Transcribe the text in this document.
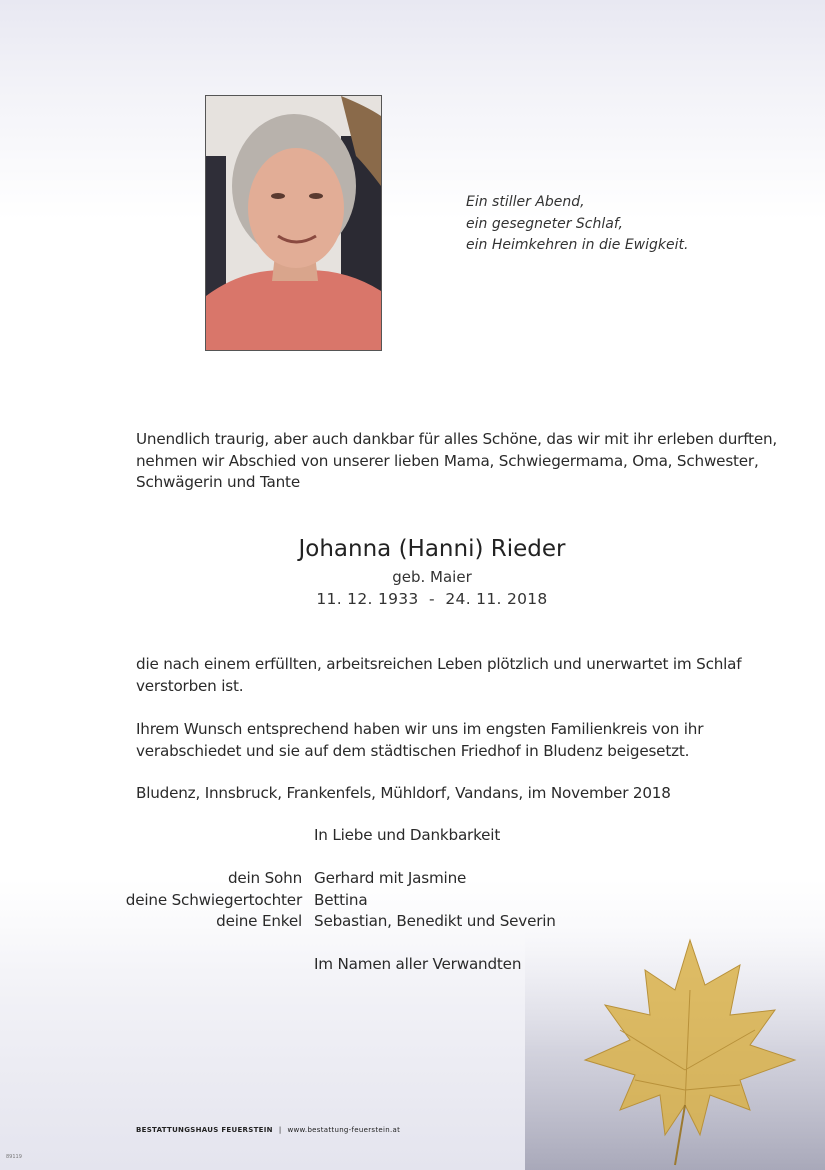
Ein stiller Abend,
ein gesegneter Schlaf,
ein Heimkehren in die Ewigkeit.
Unendlich traurig, aber auch dankbar für alles Schöne, das wir mit ihr erleben durften,
nehmen wir Abschied von unserer lieben Mama, Schwiegermama, Oma, Schwester,
Schwägerin und Tante
Johanna (Hanni) Rieder
geb. Maier
11. 12. 1933  -  24. 11. 2018
die nach einem erfüllten, arbeitsreichen Leben plötzlich und unerwartet im Schlaf
verstorben ist.
Ihrem Wunsch entsprechend haben wir uns im engsten Familienkreis von ihr
verabschiedet und sie auf dem städtischen Friedhof in Bludenz beigesetzt.
Bludenz, Innsbruck, Frankenfels, Mühldorf, Vandans, im November 2018
In Liebe und Dankbarkeit
dein Sohn Gerhard mit Jasmine
deine Schwiegertochter Bettina
deine Enkel Sebastian, Benedikt und Severin
Im Namen aller Verwandten
BESTATTUNGSHAUS FEUERSTEIN | www.bestattung-feuerstein.at
89119
